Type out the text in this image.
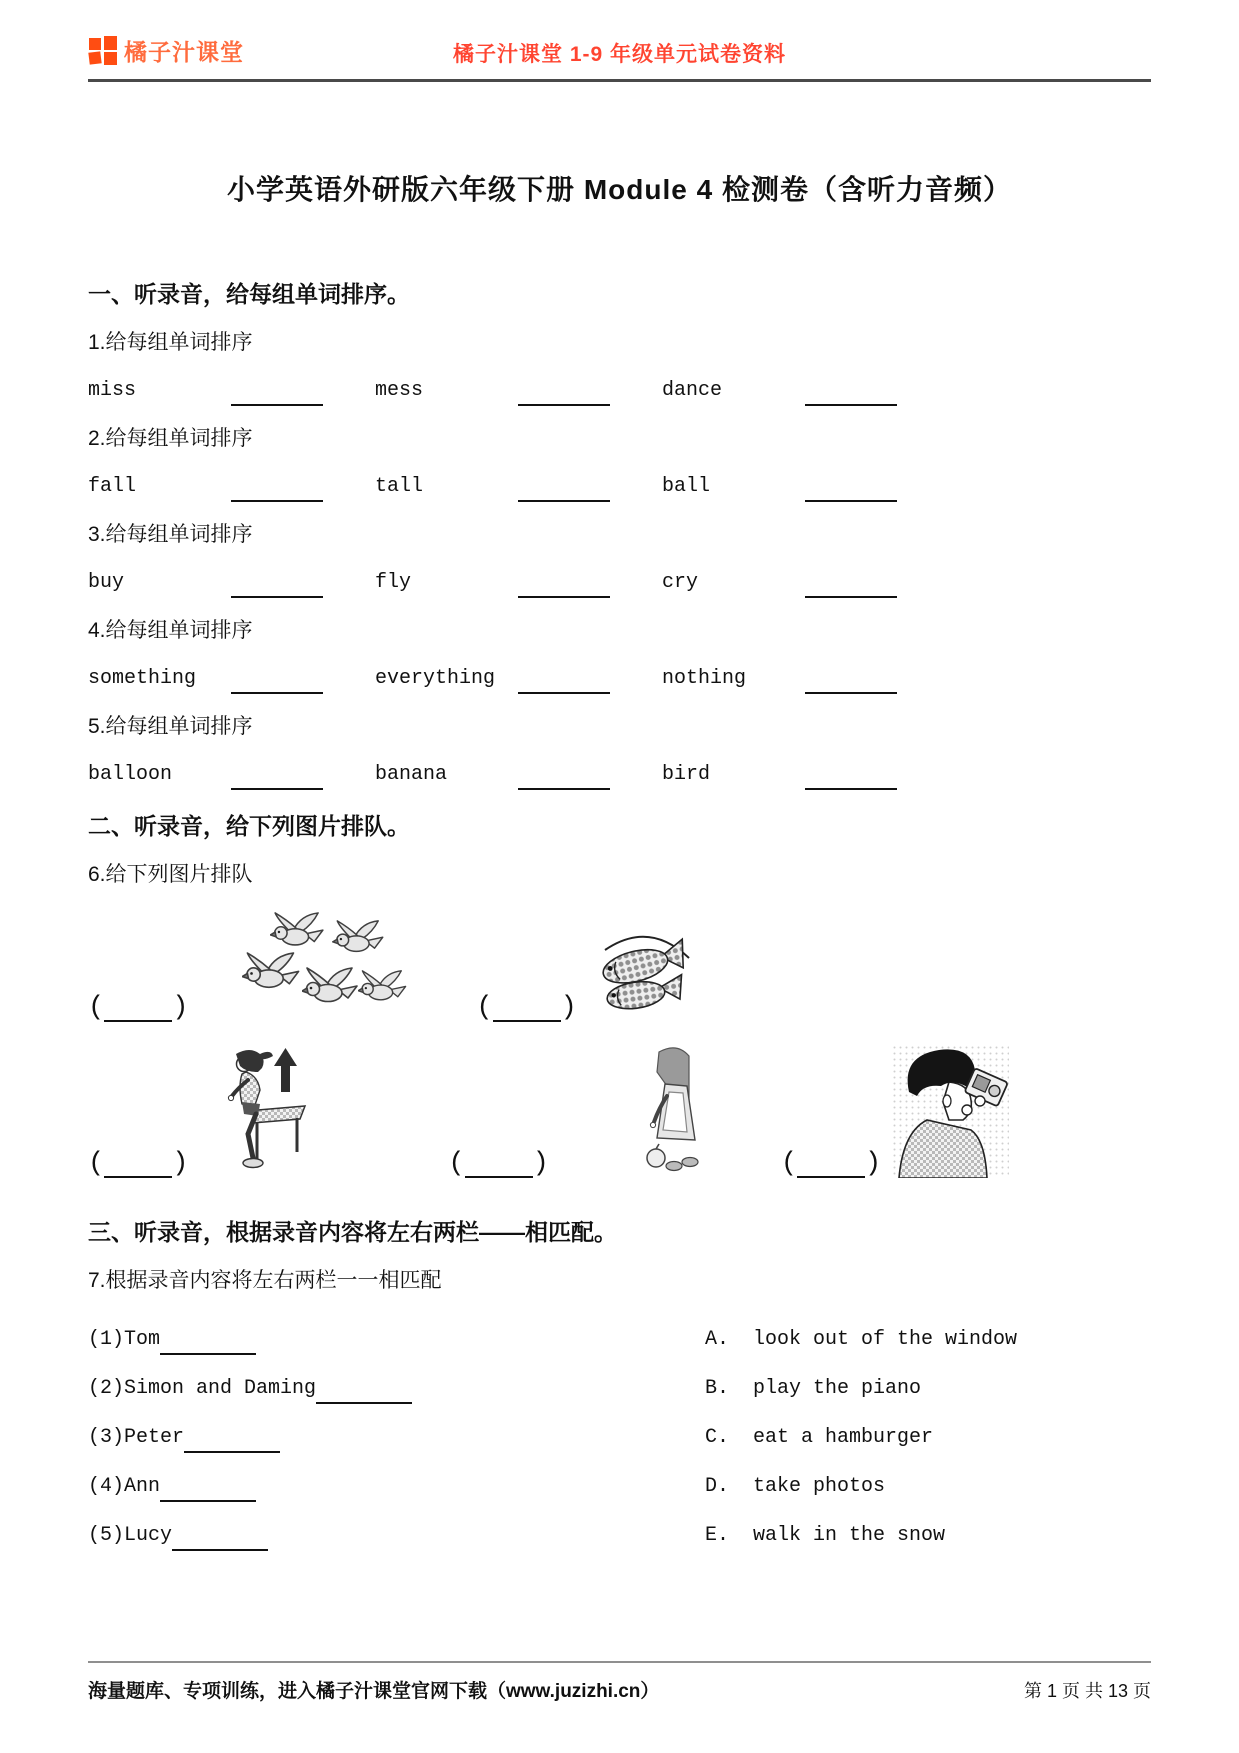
橘子汁课堂	橘子汁课堂 1-9 年级单元试卷资料
小学英语外研版六年级下册 Module 4 检测卷（含听力音频）
一、听录音，给每组单词排序。
1.给每组单词排序
miss	mess	dance
2.给每组单词排序
fall	tall	ball
3.给每组单词排序
buy	fly	cry
4.给每组单词排序
something	everything	nothing
5.给每组单词排序
balloon	banana	bird
二、听录音，给下列图片排队。
6.给下列图片排队
(	)	(	)
(	)	(	)	(	)
三、听录音，根据录音内容将左右两栏——相匹配。
7.根据录音内容将左右两栏一一相匹配
(1)Tom	A.  look out of the window
(2)Simon and Daming	B.  play the piano
(3)Peter	C.  eat a hamburger
(4)Ann	D.  take photos
(5)Lucy	E.  walk in the snow
海量题库、专项训练，进入橘子汁课堂官网下载（www.juzizhi.cn）	第 1 页 共 13 页
